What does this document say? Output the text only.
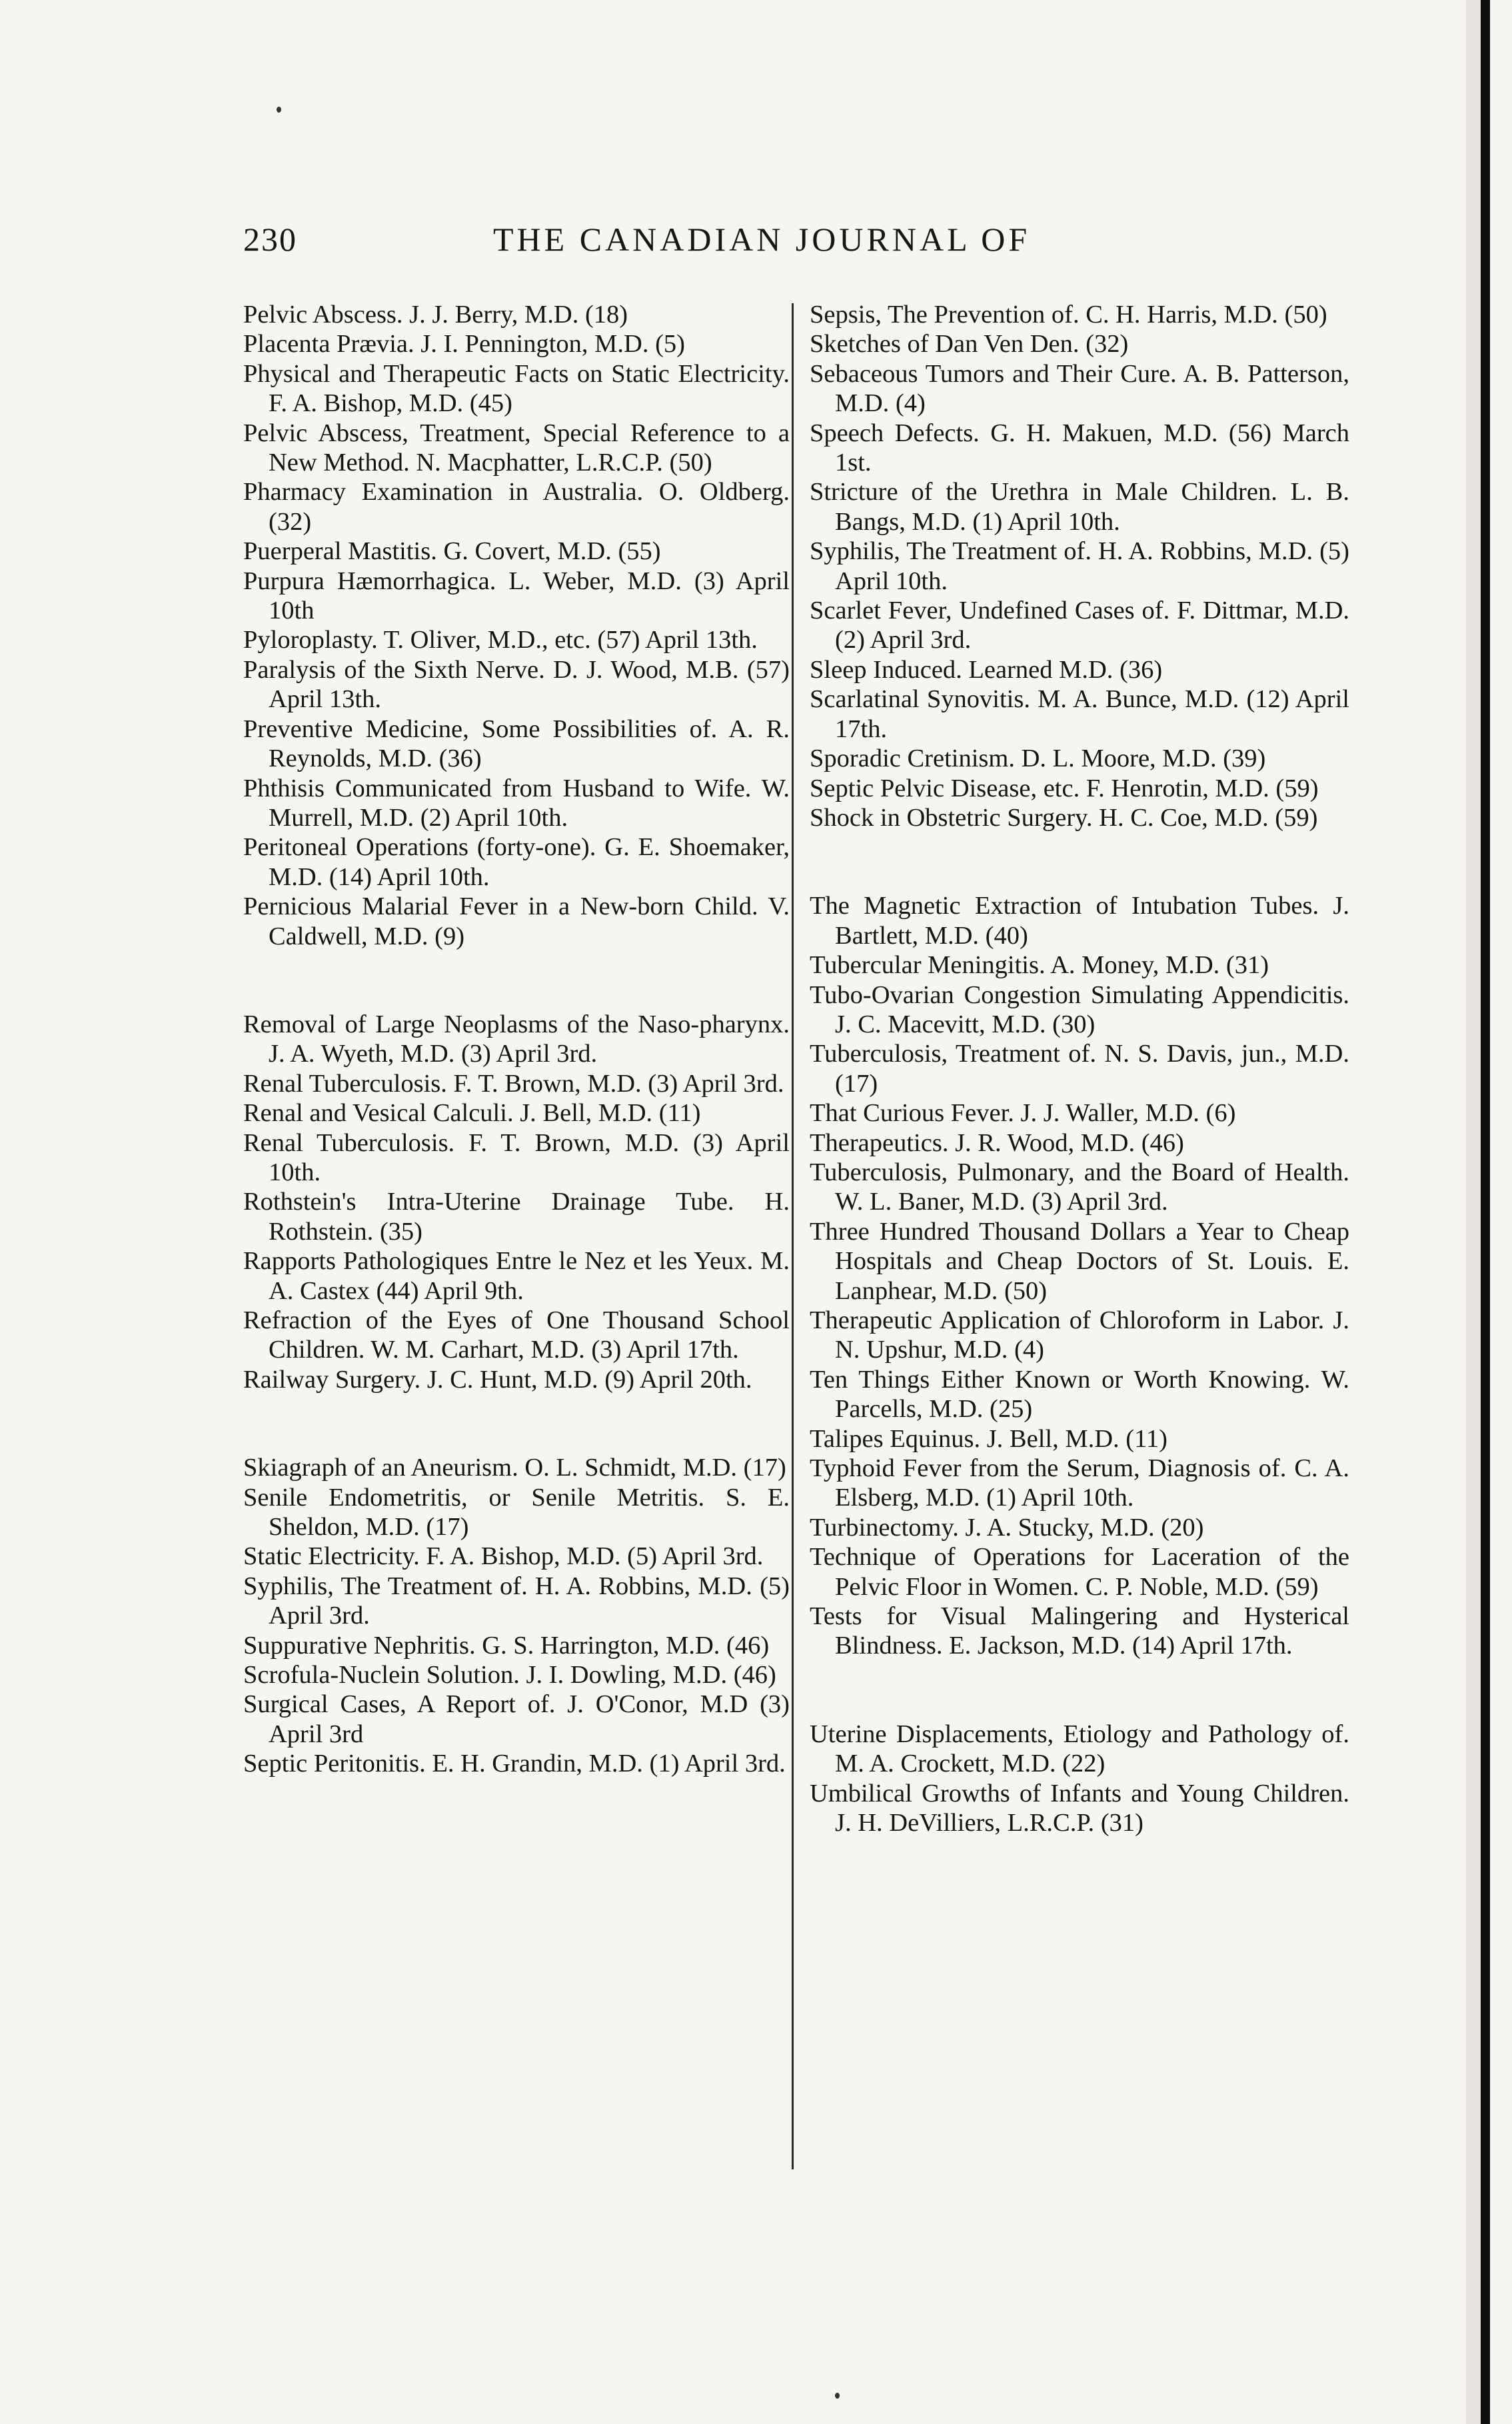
230	THE CANADIAN JOURNAL OF
Pelvic Abscess. J. J. Berry, M.D. (18)
Placenta Prævia. J. I. Pennington, M.D. (5)
Physical and Therapeutic Facts on Static Electricity. F. A. Bishop, M.D. (45)
Pelvic Abscess, Treatment, Special Reference to a New Method. N. Macphatter, L.R.C.P. (50)
Pharmacy Examination in Australia. O. Oldberg. (32)
Puerperal Mastitis. G. Covert, M.D. (55)
Purpura Hæmorrhagica. L. Weber, M.D. (3) April 10th
Pyloroplasty. T. Oliver, M.D., etc. (57) April 13th.
Paralysis of the Sixth Nerve. D. J. Wood, M.B. (57) April 13th.
Preventive Medicine, Some Possibilities of. A. R. Reynolds, M.D. (36)
Phthisis Communicated from Husband to Wife. W. Murrell, M.D. (2) April 10th.
Peritoneal Operations (forty-one). G. E. Shoemaker, M.D. (14) April 10th.
Pernicious Malarial Fever in a New-born Child. V. Caldwell, M.D. (9)
Removal of Large Neoplasms of the Naso-pharynx. J. A. Wyeth, M.D. (3) April 3rd.
Renal Tuberculosis. F. T. Brown, M.D. (3) April 3rd.
Renal and Vesical Calculi. J. Bell, M.D. (11)
Renal Tuberculosis. F. T. Brown, M.D. (3) April 10th.
Rothstein's Intra-Uterine Drainage Tube. H. Rothstein. (35)
Rapports Pathologiques Entre le Nez et les Yeux. M. A. Castex (44) April 9th.
Refraction of the Eyes of One Thousand School Children. W. M. Carhart, M.D. (3) April 17th.
Railway Surgery. J. C. Hunt, M.D. (9) April 20th.
Skiagraph of an Aneurism. O. L. Schmidt, M.D. (17)
Senile Endometritis, or Senile Metritis. S. E. Sheldon, M.D. (17)
Static Electricity. F. A. Bishop, M.D. (5) April 3rd.
Syphilis, The Treatment of. H. A. Robbins, M.D. (5) April 3rd.
Suppurative Nephritis. G. S. Harrington, M.D. (46)
Scrofula-Nuclein Solution. J. I. Dowling, M.D. (46)
Surgical Cases, A Report of. J. O'Conor, M.D (3) April 3rd
Septic Peritonitis. E. H. Grandin, M.D. (1) April 3rd.
Sepsis, The Prevention of. C. H. Harris, M.D. (50)
Sketches of Dan Ven Den. (32)
Sebaceous Tumors and Their Cure. A. B. Patterson, M.D. (4)
Speech Defects. G. H. Makuen, M.D. (56) March 1st.
Stricture of the Urethra in Male Children. L. B. Bangs, M.D. (1) April 10th.
Syphilis, The Treatment of. H. A. Robbins, M.D. (5) April 10th.
Scarlet Fever, Undefined Cases of. F. Dittmar, M.D. (2) April 3rd.
Sleep Induced. Learned M.D. (36)
Scarlatinal Synovitis. M. A. Bunce, M.D. (12) April 17th.
Sporadic Cretinism. D. L. Moore, M.D. (39)
Septic Pelvic Disease, etc. F. Henrotin, M.D. (59)
Shock in Obstetric Surgery. H. C. Coe, M.D. (59)
The Magnetic Extraction of Intubation Tubes. J. Bartlett, M.D. (40)
Tubercular Meningitis. A. Money, M.D. (31)
Tubo-Ovarian Congestion Simulating Appendicitis. J. C. Macevitt, M.D. (30)
Tuberculosis, Treatment of. N. S. Davis, jun., M.D. (17)
That Curious Fever. J. J. Waller, M.D. (6)
Therapeutics. J. R. Wood, M.D. (46)
Tuberculosis, Pulmonary, and the Board of Health. W. L. Baner, M.D. (3) April 3rd.
Three Hundred Thousand Dollars a Year to Cheap Hospitals and Cheap Doctors of St. Louis. E. Lanphear, M.D. (50)
Therapeutic Application of Chloroform in Labor. J. N. Upshur, M.D. (4)
Ten Things Either Known or Worth Knowing. W. Parcells, M.D. (25)
Talipes Equinus. J. Bell, M.D. (11)
Typhoid Fever from the Serum, Diagnosis of. C. A. Elsberg, M.D. (1) April 10th.
Turbinectomy. J. A. Stucky, M.D. (20)
Technique of Operations for Laceration of the Pelvic Floor in Women. C. P. Noble, M.D. (59)
Tests for Visual Malingering and Hysterical Blindness. E. Jackson, M.D. (14) April 17th.
Uterine Displacements, Etiology and Pathology of. M. A. Crockett, M.D. (22)
Umbilical Growths of Infants and Young Children. J. H. DeVilliers, L.R.C.P. (31)
